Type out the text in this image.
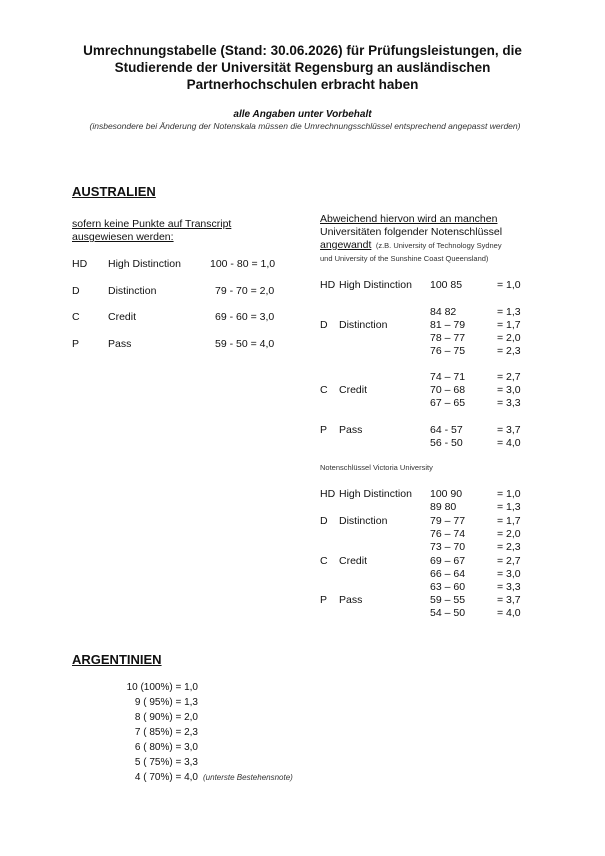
Umrechnungstabelle (Stand: 30.06.2026) für Prüfungsleistungen, die
Studierende der Universität Regensburg an ausländischen
Partnerhochschulen erbracht haben
alle Angaben unter Vorbehalt
(insbesondere bei Änderung der Notenskala müssen die Umrechnungsschlüssel entsprechend angepasst werden)
AUSTRALIEN
sofern keine Punkte auf Transcript
ausgewiesen werden:
HD High Distinction	100 - 80 = 1,0
D	Distinction	79 - 70 = 2,0
C	Credit	69 - 60 = 3,0
P	Pass	59 - 50 = 4,0
Abweichend hiervon wird an manchen
Universitäten folgender Notenschlüssel
angewandt (z.B. University of Technology Sydney
und University of the Sunshine Coast Queensland)
HD High Distinction 100 85	= 1,0
84 82	= 1,3
D Distinction	81 – 79	= 1,7
78 – 77	= 2,0
76 – 75	= 2,3
74 – 71	= 2,7
C Credit	70 – 68	= 3,0
67 – 65	= 3,3
P Pass	64 - 57	= 3,7
56 - 50	= 4,0
Notenschlüssel Victoria University
HD High Distinction 100 90	= 1,0
89 80	= 1,3
D Distinction	79 – 77	= 1,7
76 – 74	= 2,0
73 – 70	= 2,3
C Credit	69 – 67	= 2,7
66 – 64	= 3,0
63 – 60	= 3,3
P Pass	59 – 55	= 3,7
54 – 50	= 4,0
ARGENTINIEN
10 (100%) = 1,0
9 ( 95%) = 1,3
8 ( 90%) = 2,0
7 ( 85%) = 2,3
6 ( 80%) = 3,0
5 ( 75%) = 3,3
4 ( 70%) = 4,0 (unterste Bestehensnote)
